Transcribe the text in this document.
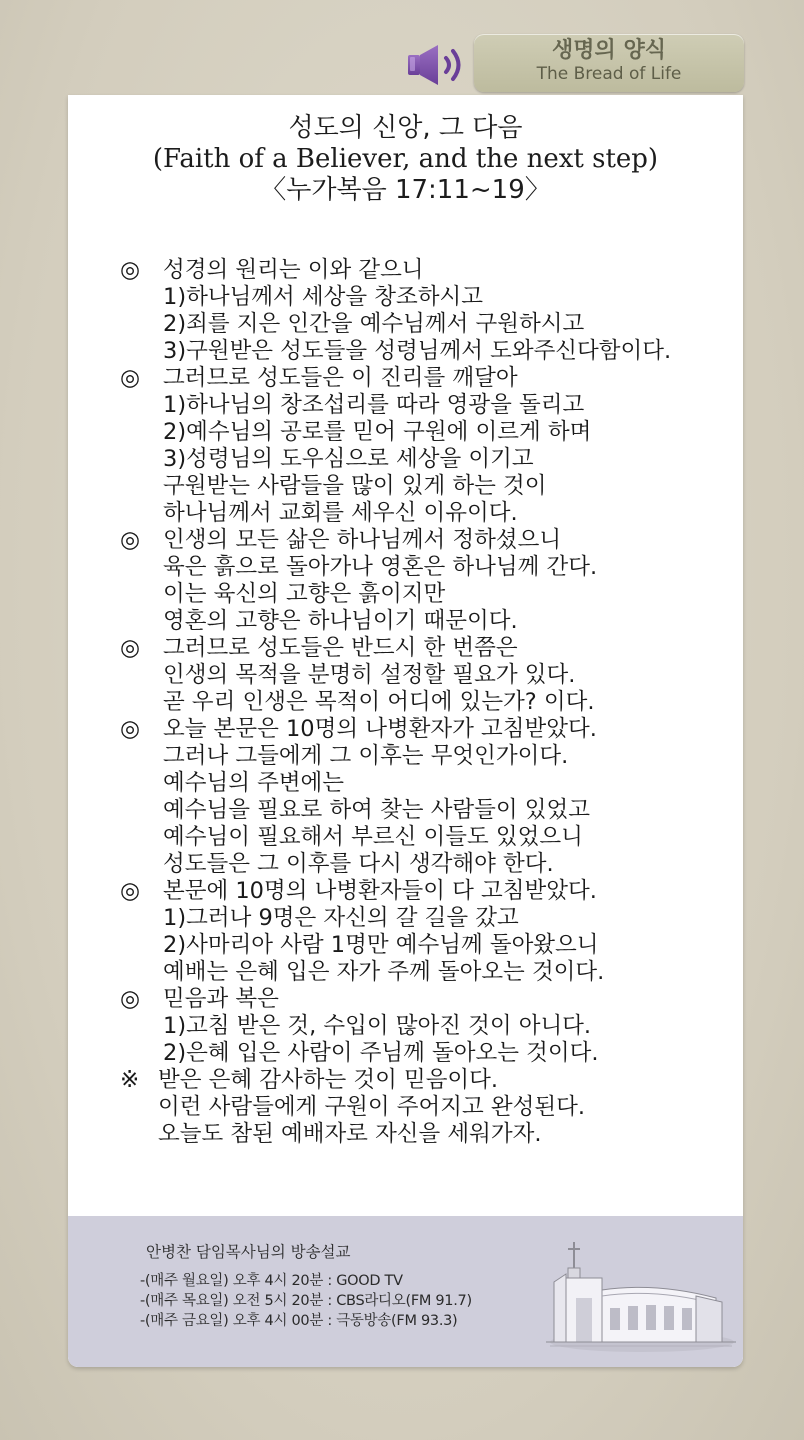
생명의 양식
The Bread of Life
성도의 신앙, 그 다음
(Faith of a Believer, and the next step)
〈누가복음 17:11~19〉
◎	성경의 원리는 이와 같으니
1)하나님께서 세상을 창조하시고
2)죄를 지은 인간을 예수님께서 구원하시고
3)구원받은 성도들을 성령님께서 도와주신다함이다.
◎	그러므로 성도들은 이 진리를 깨달아
1)하나님의 창조섭리를 따라 영광을 돌리고
2)예수님의 공로를 믿어 구원에 이르게 하며
3)성령님의 도우심으로 세상을 이기고
구원받는 사람들을 많이 있게 하는 것이
하나님께서 교회를 세우신 이유이다.
◎	인생의 모든 삶은 하나님께서 정하셨으니
육은 흙으로 돌아가나 영혼은 하나님께 간다.
이는 육신의 고향은 흙이지만
영혼의 고향은 하나님이기 때문이다.
◎	그러므로 성도들은 반드시 한 번쯤은
인생의 목적을 분명히 설정할 필요가 있다.
곧 우리 인생은 목적이 어디에 있는가? 이다.
◎	오늘 본문은 10명의 나병환자가 고침받았다.
그러나 그들에게 그 이후는 무엇인가이다.
예수님의 주변에는
예수님을 필요로 하여 찾는 사람들이 있었고
예수님이 필요해서 부르신 이들도 있었으니
성도들은 그 이후를 다시 생각해야 한다.
◎	본문에 10명의 나병환자들이 다 고침받았다.
1)그러나 9명은 자신의 갈 길을 갔고
2)사마리아 사람 1명만 예수님께 돌아왔으니
예배는 은혜 입은 자가 주께 돌아오는 것이다.
◎	믿음과 복은
1)고침 받은 것, 수입이 많아진 것이 아니다.
2)은혜 입은 사람이 주님께 돌아오는 것이다.
※ 받은 은혜 감사하는 것이 믿음이다.
이런 사람들에게 구원이 주어지고 완성된다.
오늘도 참된 예배자로 자신을 세워가자.
안병찬 담임목사님의 방송설교
-(매주 월요일) 오후 4시 20분 : GOOD TV
-(매주 목요일) 오전 5시 20분 : CBS라디오(FM 91.7)
-(매주 금요일) 오후 4시 00분 : 극동방송(FM 93.3)
